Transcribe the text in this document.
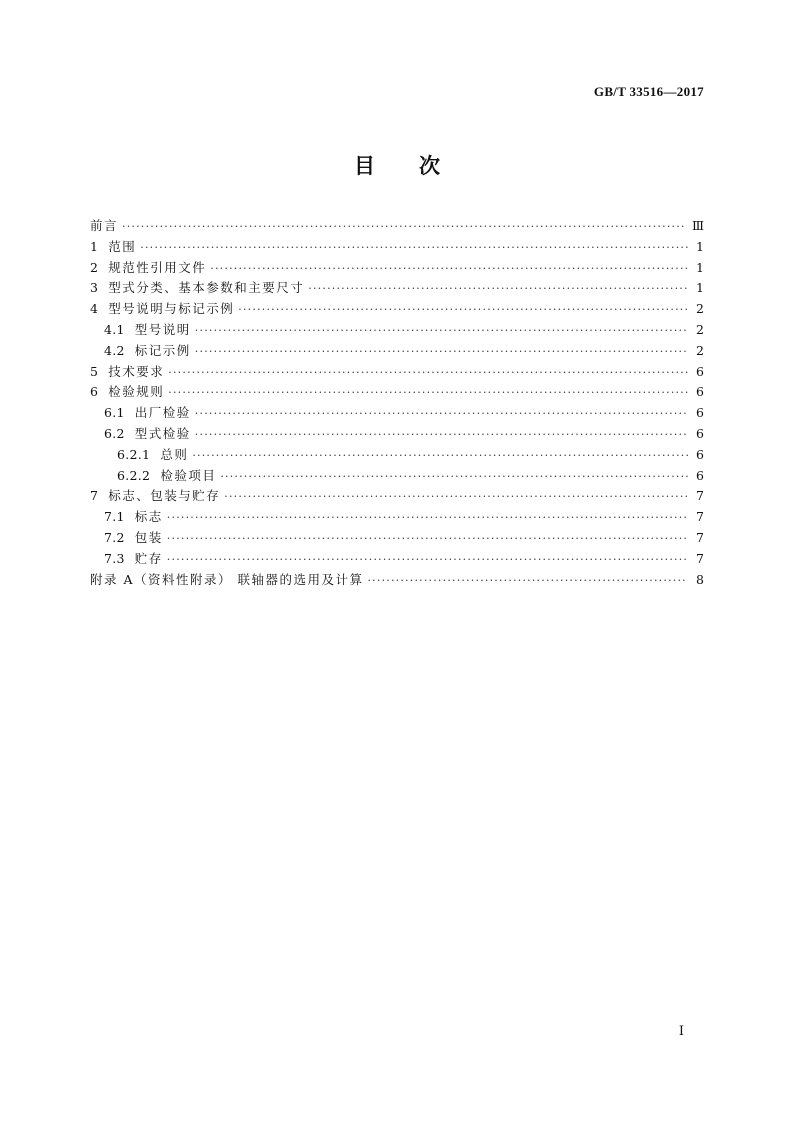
GB/T 33516—2017
目 次
前言 ·····	Ⅲ
1 范围 ·····	1
2 规范性引用文件 ·····	1
3 型式分类、基本参数和主要尺寸 ·····	1
4 型号说明与标记示例 ·····	2
4.1 型号说明 ·····	2
4.2 标记示例 ·····	2
5 技术要求 ·····	6
6 检验规则 ·····	6
6.1 出厂检验 ·····	6
6.2 型式检验 ·····	6
6.2.1 总则 ·····	6
6.2.2 检验项目 ·····	6
7 标志、包装与贮存 ·····	7
7.1 标志 ·····	7
7.2 包装 ·····	7
7.3 贮存 ·····	7
附录 A（资料性附录） 联轴器的选用及计算 ·····	8
Ⅰ
